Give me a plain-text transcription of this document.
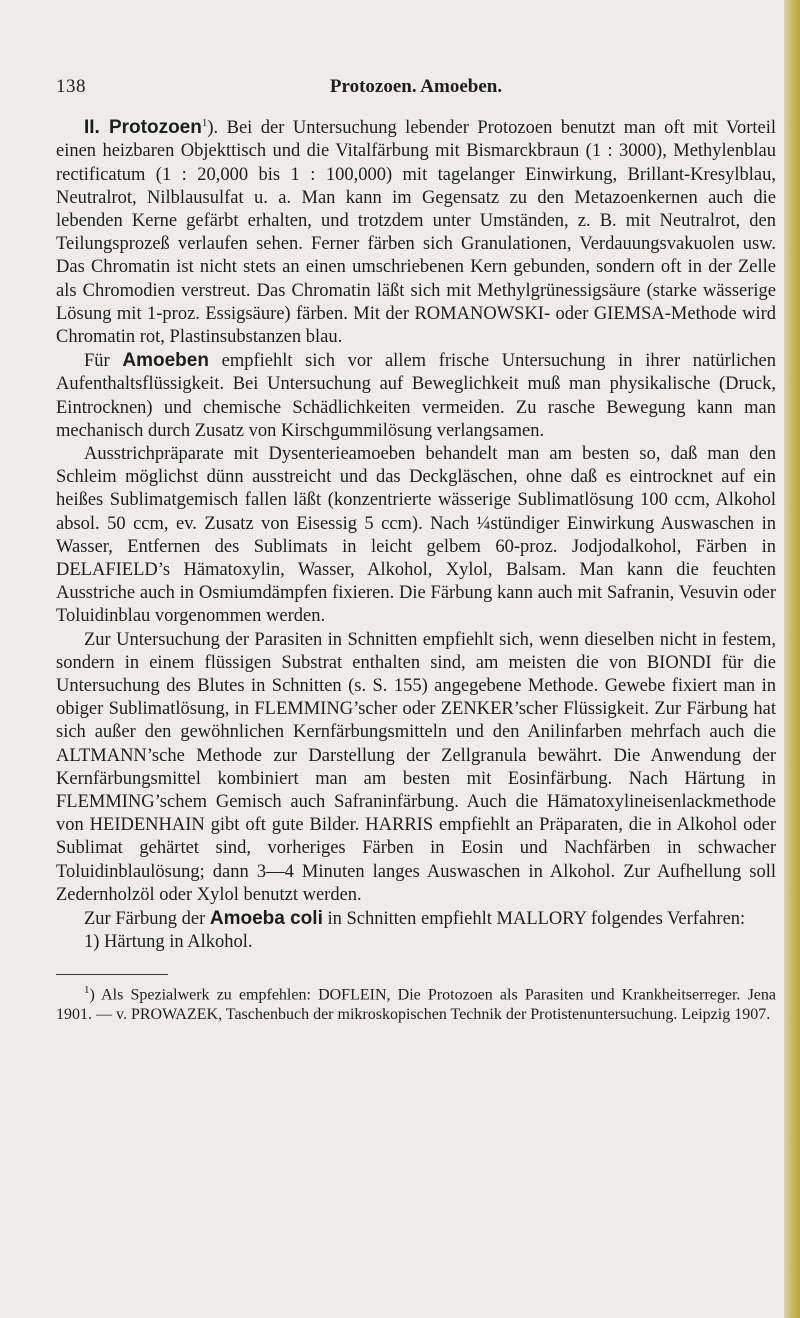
138	Protozoen. Amoeben.

II. Protozoen$^1$). Bei der Untersuchung lebender Protozoen benutzt man oft mit Vorteil einen heizbaren Objekttisch und die Vitalfärbung mit Bismarckbraun (1 : 3000), Methylenblau rectificatum (1 : 20,000 bis 1 : 100,000) mit tagelanger Einwirkung, Brillant-Kresylblau, Neutralrot, Nilblausulfat u. a. Man kann im Gegensatz zu den Metazoenkernen auch die lebenden Kerne gefärbt erhalten, und trotzdem unter Umständen, z. B. mit Neutralrot, den Teilungsprozeß verlaufen sehen. Ferner färben sich Granulationen, Verdauungsvakuolen usw. Das Chromatin ist nicht stets an einen umschriebenen Kern gebunden, sondern oft in der Zelle als Chromodien verstreut. Das Chromatin läßt sich mit Methylgrünessigsäure (starke wässerige Lösung mit 1-proz. Essigsäure) färben. Mit der ROMANOWSKI- oder GIEMSA-Methode wird Chromatin rot, Plastinsubstanzen blau.

Für Amoeben empfiehlt sich vor allem frische Untersuchung in ihrer natürlichen Aufenthaltsflüssigkeit. Bei Untersuchung auf Beweglichkeit muß man physikalische (Druck, Eintrocknen) und chemische Schädlichkeiten vermeiden. Zu rasche Bewegung kann man mechanisch durch Zusatz von Kirschgummilösung verlangsamen.

Ausstrichpräparate mit Dysenterieamoeben behandelt man am besten so, daß man den Schleim möglichst dünn ausstreicht und das Deckgläschen, ohne daß es eintrocknet auf ein heißes Sublimatgemisch fallen läßt (konzentrierte wässerige Sublimatlösung 100 ccm, Alkohol absol. 50 ccm, ev. Zusatz von Eisessig 5 ccm). Nach ¼stündiger Einwirkung Auswaschen in Wasser, Entfernen des Sublimats in leicht gelbem 60-proz. Jodjodalkohol, Färben in DELAFIELD’s Hämatoxylin, Wasser, Alkohol, Xylol, Balsam. Man kann die feuchten Ausstriche auch in Osmiumdämpfen fixieren. Die Färbung kann auch mit Safranin, Vesuvin oder Toluidinblau vorgenommen werden.

Zur Untersuchung der Parasiten in Schnitten empfiehlt sich, wenn dieselben nicht in festem, sondern in einem flüssigen Substrat enthalten sind, am meisten die von BIONDI für die Untersuchung des Blutes in Schnitten (s. S. 155) angegebene Methode. Gewebe fixiert man in obiger Sublimatlösung, in FLEMMING’scher oder ZENKER’scher Flüssigkeit. Zur Färbung hat sich außer den gewöhnlichen Kernfärbungsmitteln und den Anilinfarben mehrfach auch die ALTMANN’sche Methode zur Darstellung der Zellgranula bewährt. Die Anwendung der Kernfärbungsmittel kombiniert man am besten mit Eosinfärbung. Nach Härtung in FLEMMING’schem Gemisch auch Safraninfärbung. Auch die Hämatoxylineisenlackmethode von HEIDENHAIN gibt oft gute Bilder. HARRIS empfiehlt an Präparaten, die in Alkohol oder Sublimat gehärtet sind, vorheriges Färben in Eosin und Nachfärben in schwacher Toluidinblaulösung; dann 3—4 Minuten langes Auswaschen in Alkohol. Zur Aufhellung soll Zedernholzöl oder Xylol benutzt werden.

Zur Färbung der Amoeba coli in Schnitten empfiehlt MALLORY folgendes Verfahren:

1) Härtung in Alkohol.

$^1$) Als Spezialwerk zu empfehlen: DOFLEIN, Die Protozoen als Parasiten und Krankheitserreger. Jena 1901. — v. PROWAZEK, Taschenbuch der mikroskopischen Technik der Protistenuntersuchung. Leipzig 1907.
